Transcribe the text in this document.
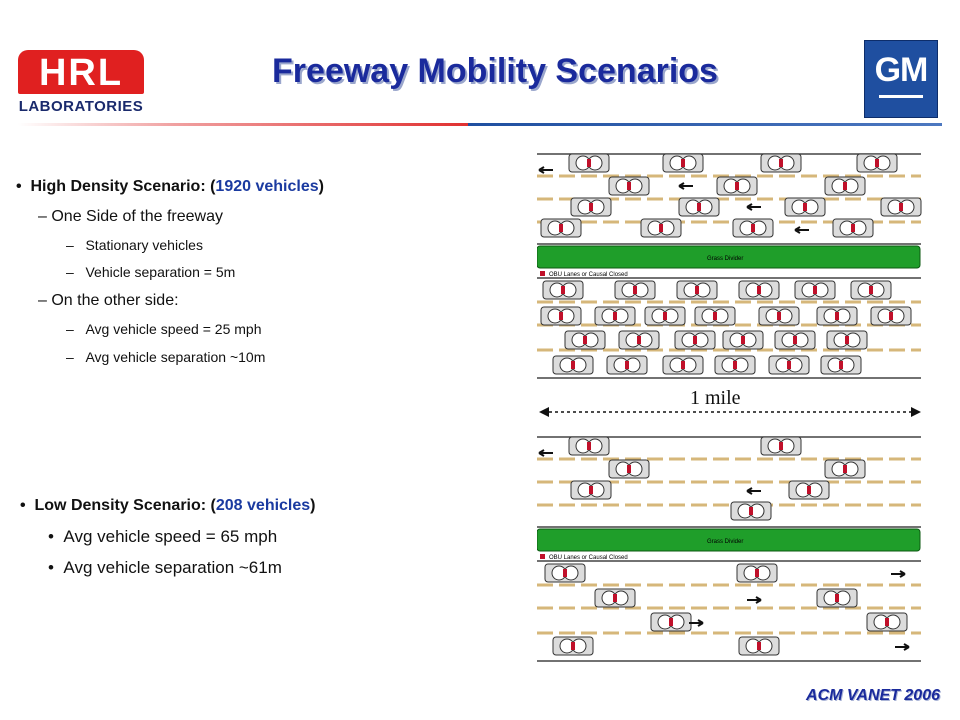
HRL
LABORATORIES
Freeway Mobility Scenarios	GM
•  High Density Scenario: (1920 vehicles)
– One Side of the freeway
–   Stationary vehicles
–   Vehicle separation = 5m
– On the other side:
–   Avg vehicle speed = 25 mph
–   Avg vehicle separation ~10m
•  Low Density Scenario: (208 vehicles)
•  Avg vehicle speed = 65 mph
•  Avg vehicle separation ~61m
Grass Divider
OBU Lanes or Causal Closed
Grass Divider
OBU Lanes or Causal Closed
1 mile
ACM VANET 2006
